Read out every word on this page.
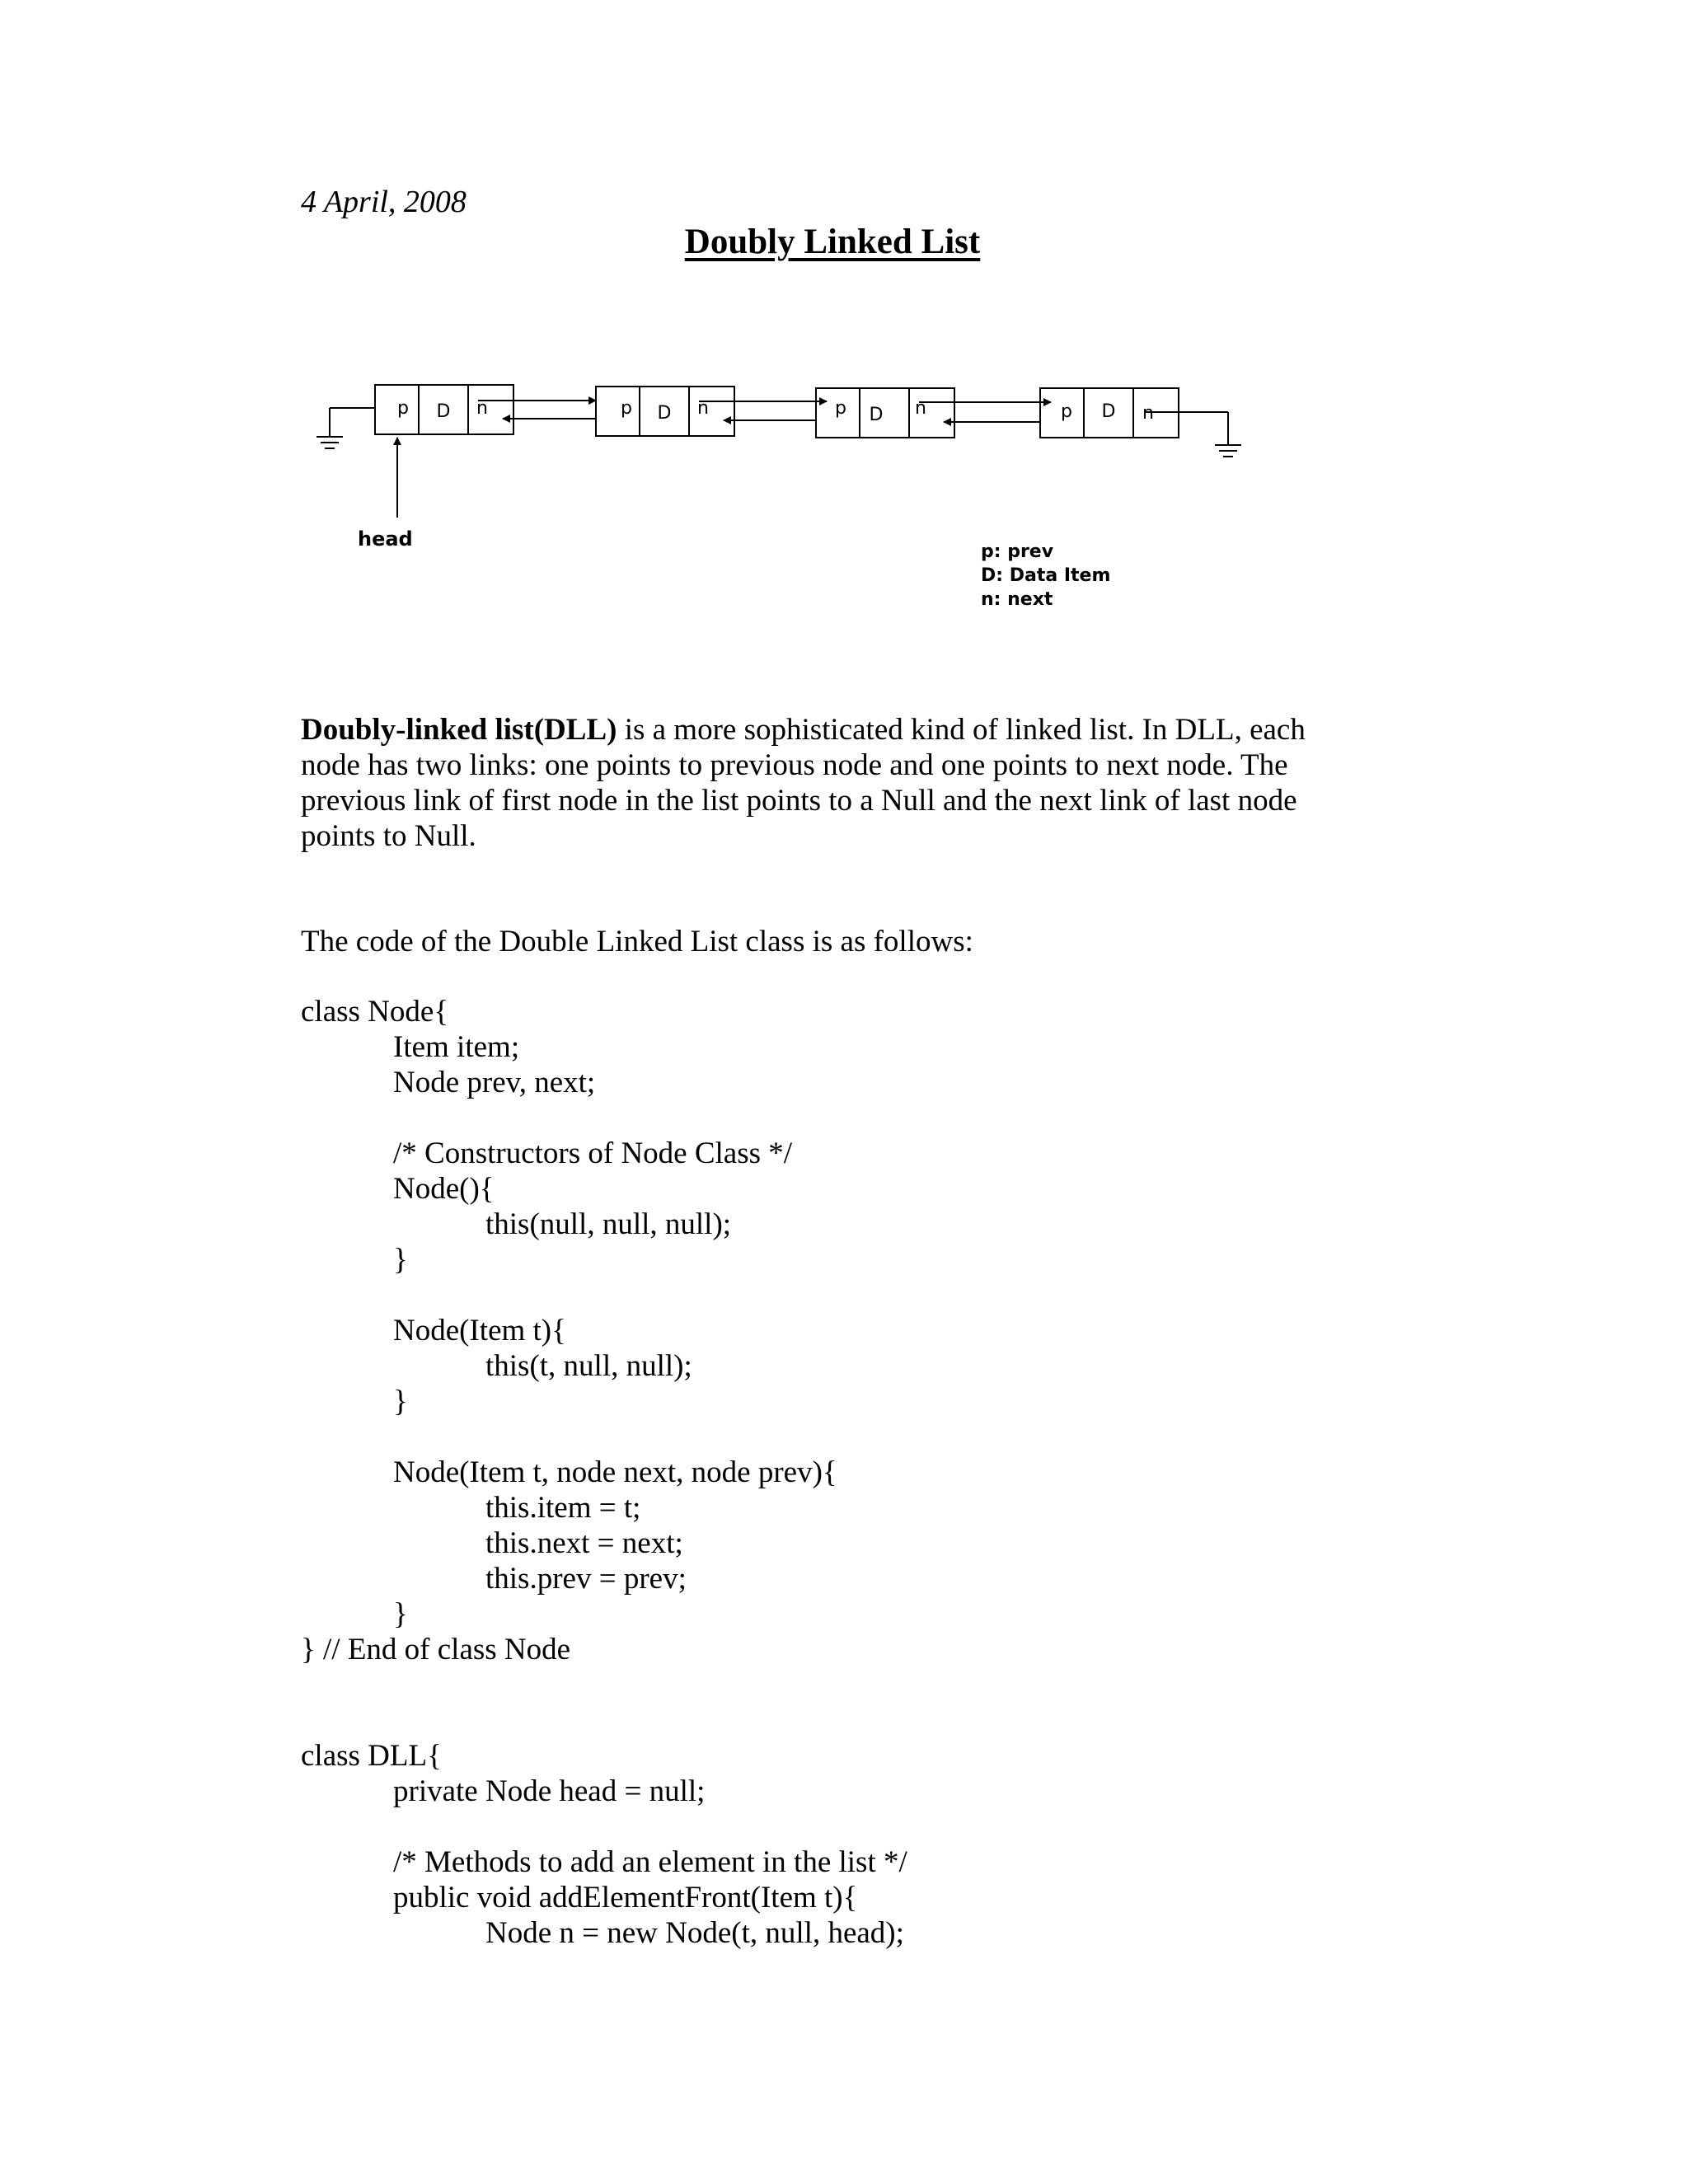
4 April, 2008
Doubly Linked List
p D n	p D n	p D n	p D n
head
p: prev
D: Data Item
n: next

Doubly-linked list(DLL) is a more sophisticated kind of linked list. In DLL, each node has two links: one points to previous node and one points to next node. The previous link of first node in the list points to a Null and the next link of last node points to Null.

The code of the Double Linked List class is as follows:

class Node{
Item item;
Node prev, next;
/* Constructors of Node Class */
Node(){
this(null, null, null);
}
Node(Item t){
this(t, null, null);
}
Node(Item t, node next, node prev){
this.item = t;
this.next = next;
this.prev = prev;
}
} // End of class Node
class DLL{
private Node head = null;
/* Methods to add an element in the list */
public void addElementFront(Item t){
Node n = new Node(t, null, head);
